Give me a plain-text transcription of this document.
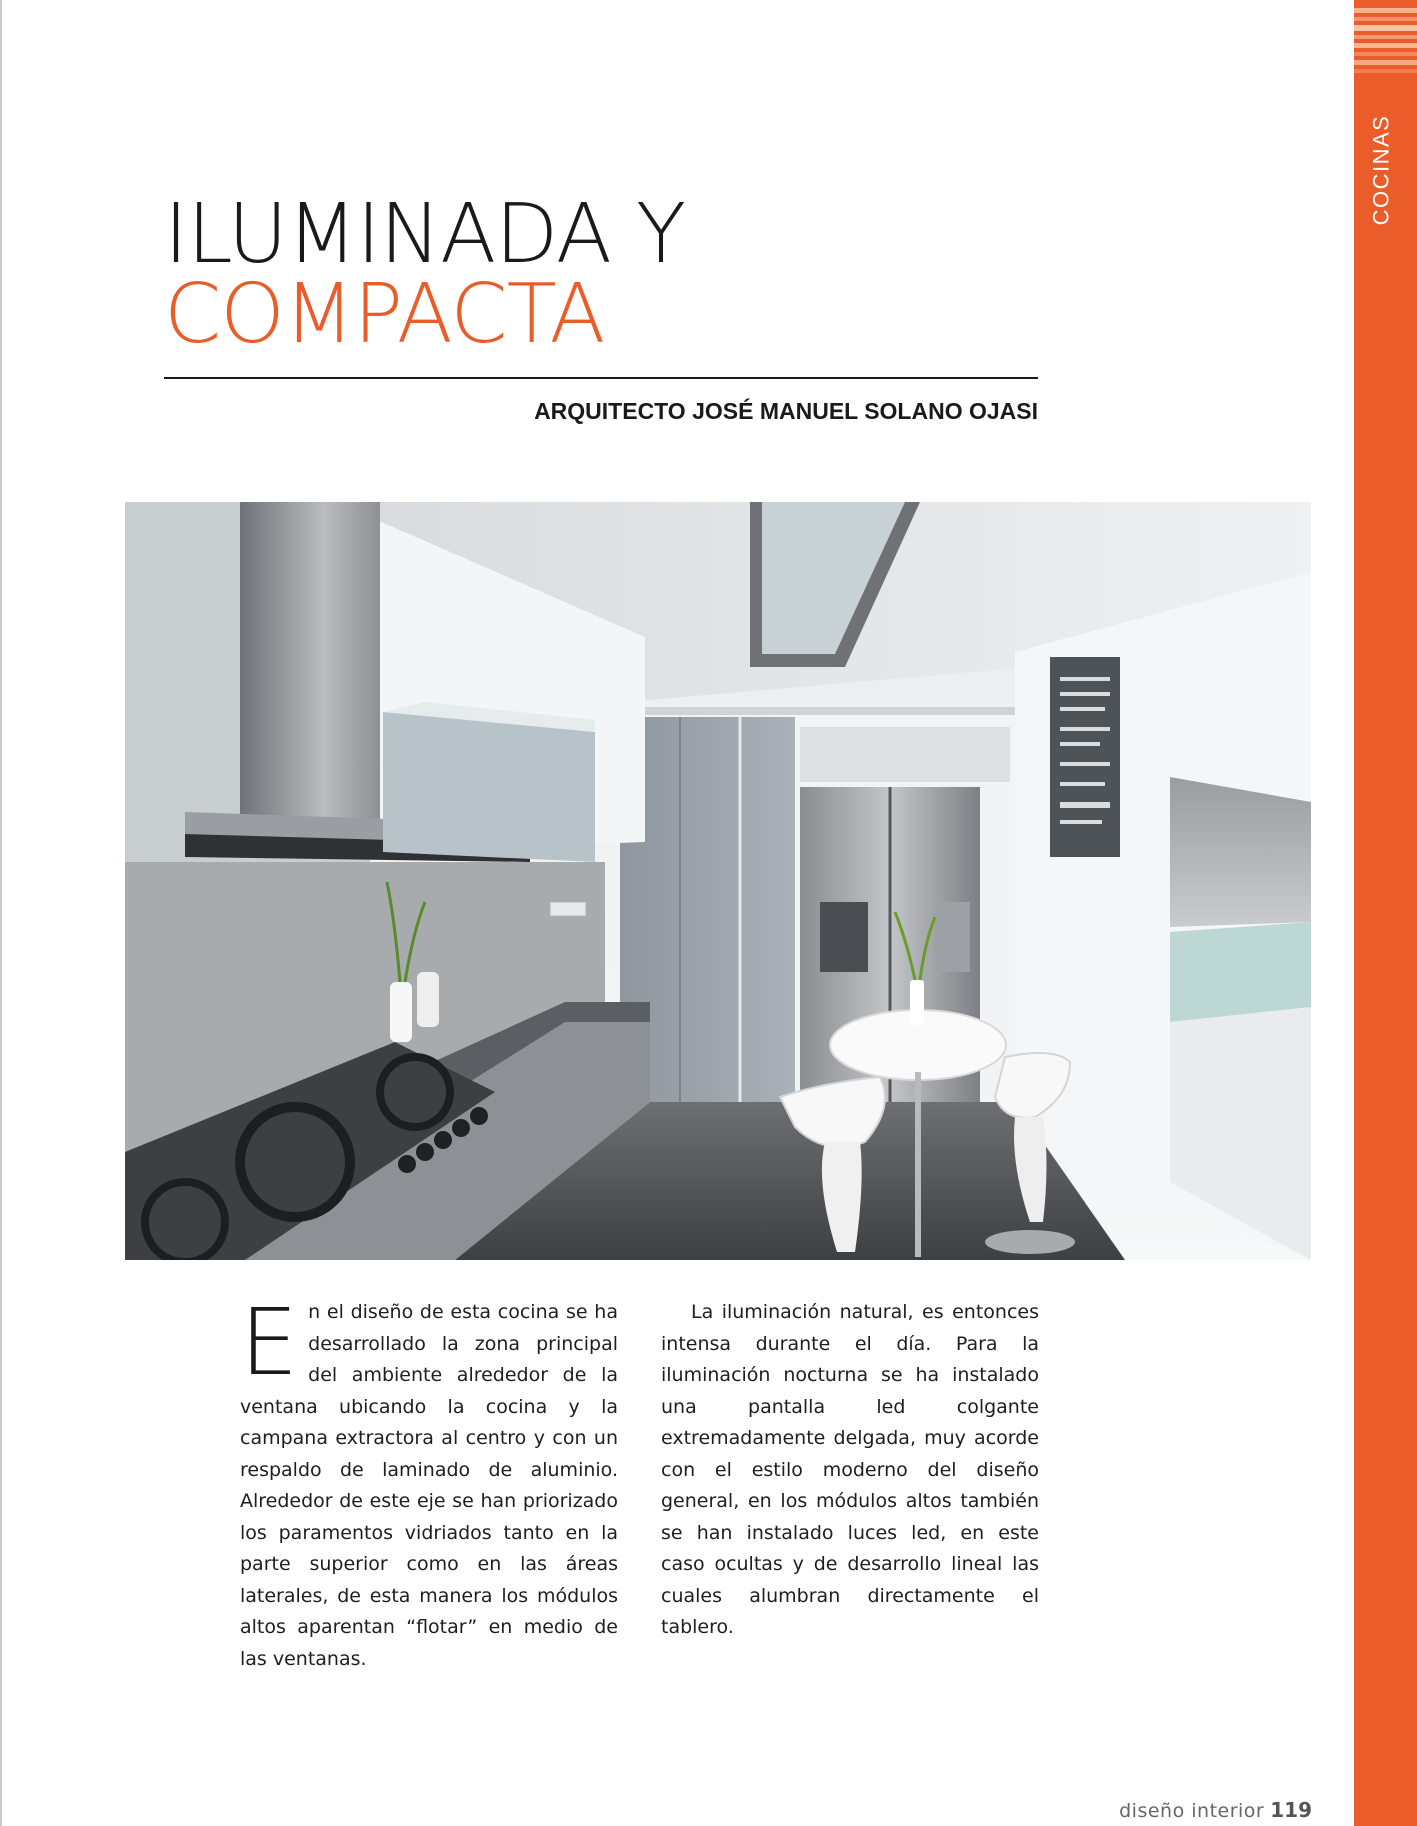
COCINAS
ILUMINADA Y
COMPACTA
ARQUITECTO JOSÉ MANUEL SOLANO OJASI
E n el diseño de esta cocina se ha desarrollado la zona principal del ambiente alrededor de la ventana ubicando la cocina y la campana extractora al centro y con un respaldo de laminado de aluminio. Alrededor de este eje se han priorizado los paramentos vidriados tanto en la parte superior como en las áreas laterales, de esta manera los módulos altos aparentan “flotar” en medio de las ventanas.

La iluminación natural, es entonces intensa durante el día. Para la iluminación nocturna se ha instalado una pantalla led colgante extremadamente delgada, muy acorde con el estilo moderno del diseño general, en los módulos altos también se han instalado luces led, en este caso ocultas y de desarrollo lineal las cuales alumbran directamente el tablero.
diseño interior 119
